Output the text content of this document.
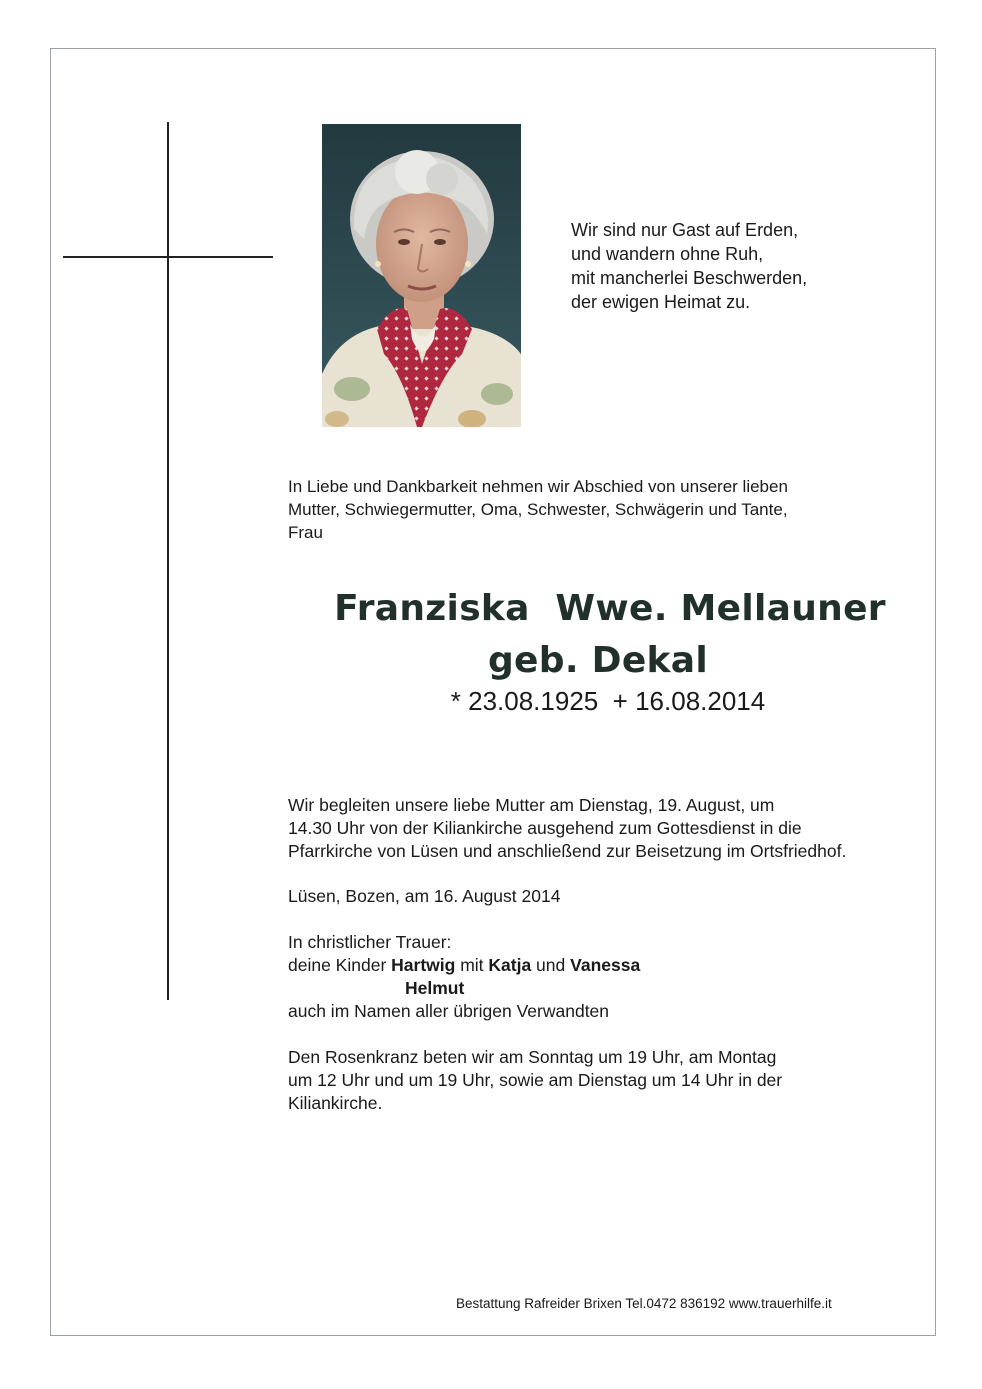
Wir sind nur Gast auf Erden,
und wandern ohne Ruh,
mit mancherlei Beschwerden,
der ewigen Heimat zu.
In Liebe und Dankbarkeit nehmen wir Abschied von unserer lieben
Mutter, Schwiegermutter, Oma, Schwester, Schwägerin und Tante,
Frau
Franziska  Wwe. Mellauner
geb. Dekal
* 23.08.1925  + 16.08.2014
Wir begleiten unsere liebe Mutter am Dienstag, 19. August, um
14.30 Uhr von der Kiliankirche ausgehend zum Gottesdienst in die
Pfarrkirche von Lüsen und anschließend zur Beisetzung im Ortsfriedhof.
Lüsen, Bozen, am 16. August 2014
In christlicher Trauer:
deine Kinder Hartwig mit Katja und Vanessa
Helmut
auch im Namen aller übrigen Verwandten
Den Rosenkranz beten wir am Sonntag um 19 Uhr, am Montag
um 12 Uhr und um 19 Uhr, sowie am Dienstag um 14 Uhr in der
Kiliankirche.
Bestattung Rafreider Brixen Tel.0472 836192 www.trauerhilfe.it
